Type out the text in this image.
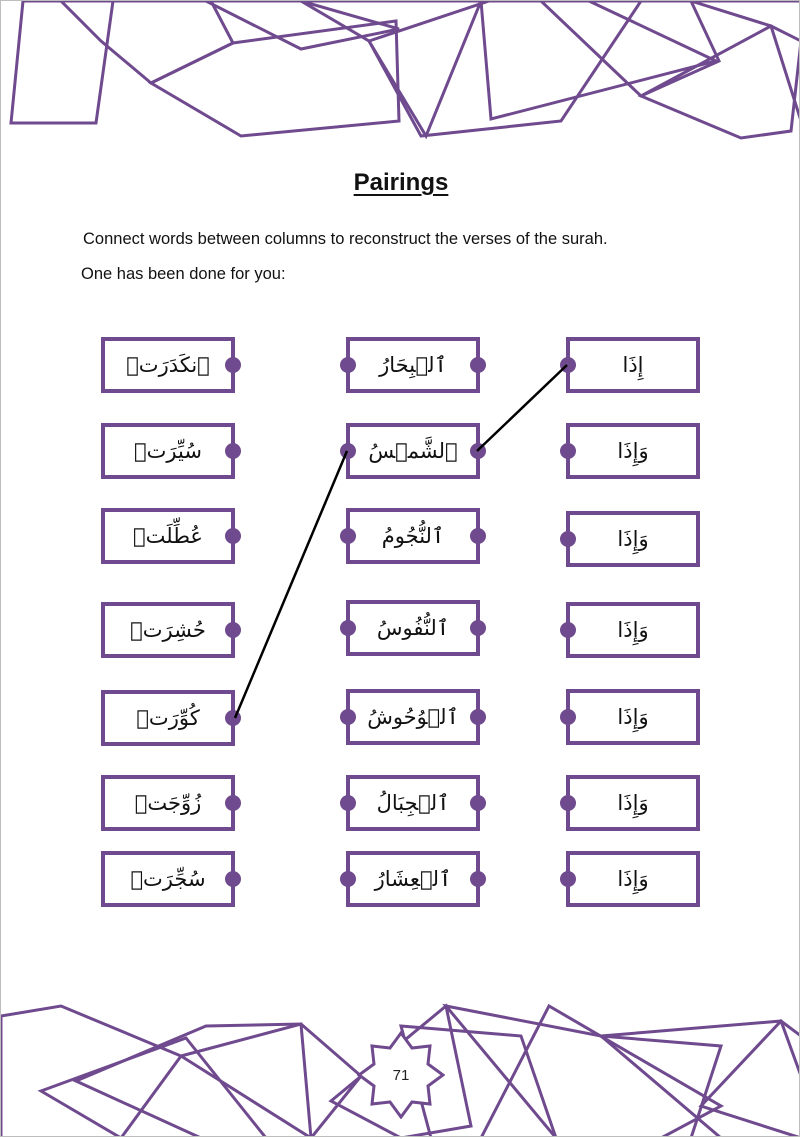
Pairings
Connect words between columns to reconstruct the verses of the surah.
One has been done for you:
ٱنكَدَرَتۡ
سُيِّرَتۡ
عُطِّلَتۡ
حُشِرَتۡ
كُوِّرَتۡ
زُوِّجَتۡ
سُجِّرَتۡ
ٱلۡبِحَارُ
ٱلشَّمۡسُ
ٱلنُّجُومُ
ٱلنُّفُوسُ
ٱلۡوُحُوشُ
ٱلۡجِبَالُ
ٱلۡعِشَارُ
إِذَا
وَإِذَا
وَإِذَا
وَإِذَا
وَإِذَا
وَإِذَا
وَإِذَا
71
